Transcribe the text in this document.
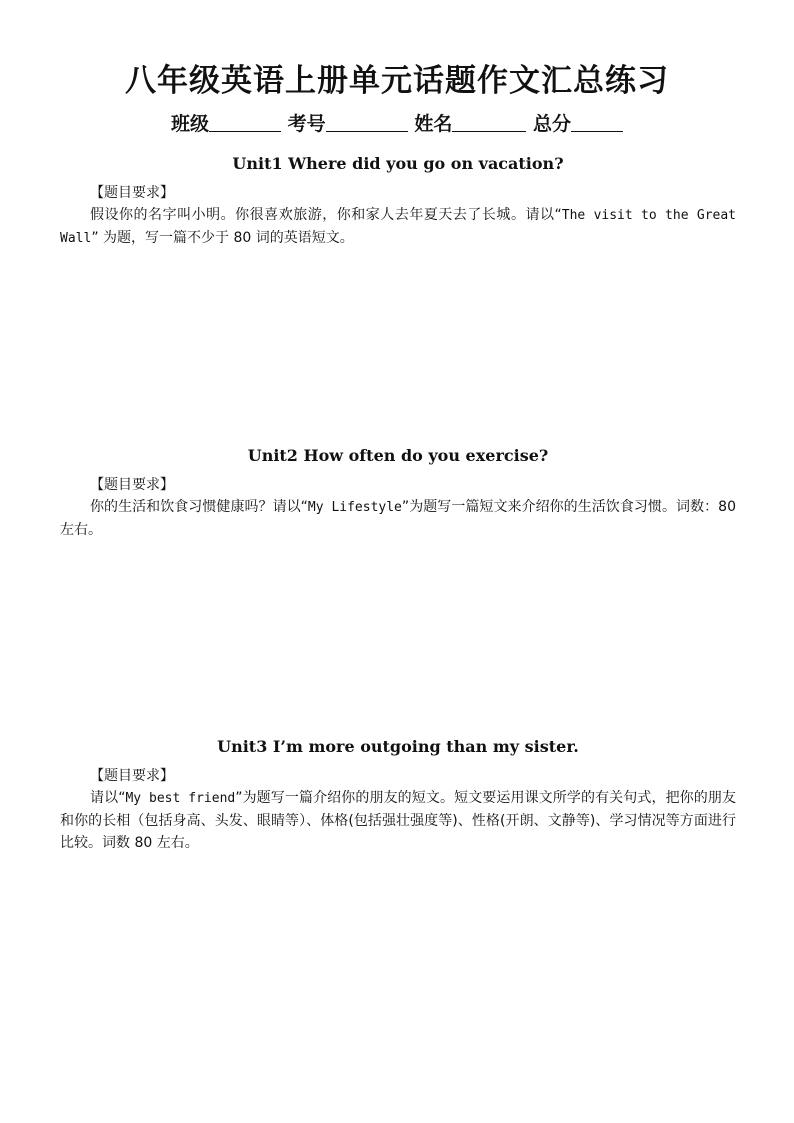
八年级英语上册单元话题作文汇总练习
班级	考号	姓名	总分
Unit1 Where did you go on vacation?
【题目要求】

假设你的名字叫小明。你很喜欢旅游，你和家人去年夏天去了长城。请以“The visit to the Great Wall” 为题，写一篇不少于 80 词的英语短文。

Unit2 How often do you exercise?
【题目要求】

你的生活和饮食习惯健康吗？请以“My Lifestyle”为题写一篇短文来介绍你的生活饮食习惯。词数：80 左右。

Unit3 I’m more outgoing than my sister.
【题目要求】

请以“My best friend”为题写一篇介绍你的朋友的短文。短文要运用课文所学的有关句式，把你的朋友和你的长相（包括身高、头发、眼睛等）、体格(包括强壮强度等)、性格(开朗、文静等)、学习情况等方面进行比较。词数 80 左右。
